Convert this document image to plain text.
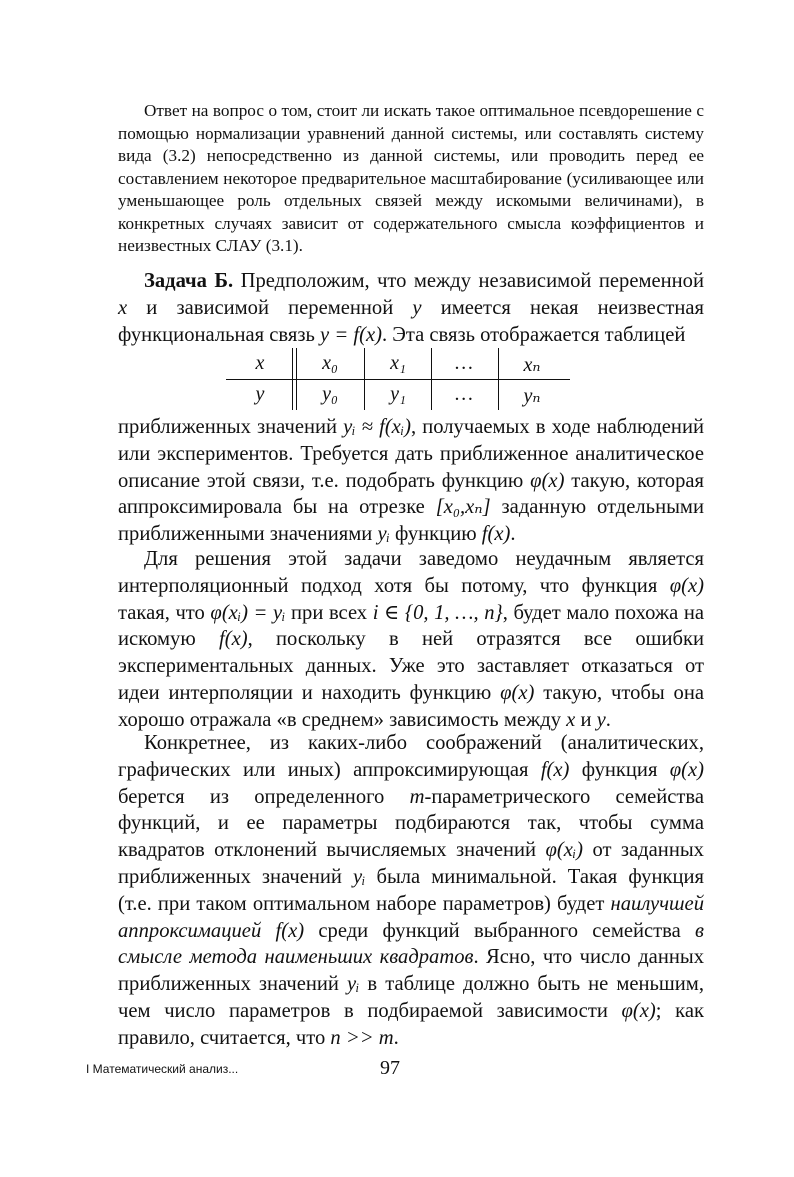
Ответ на вопрос о том, стоит ли искать такое оптимальное псевдорешение с помощью нормализации уравнений данной системы, или составлять систему вида (3.2) непосредственно из данной системы, или проводить перед ее составлением некоторое предварительное масштабирование (усиливающее или уменьшающее роль отдельных связей между искомыми величинами), в конкретных случаях зависит от содержательного смысла коэффициентов и неизвестных СЛАУ (3.1).

Задача Б. Предположим, что между независимой переменной x и зависимой переменной y имеется некая неизвестная функциональная связь y = f(x). Эта связь отображается таблицей

x	x₀	x₁	…	xₙ
y	y₀	y₁	…	yₙ

приближенных значений yᵢ ≈ f(xᵢ), получаемых в ходе наблюдений или экспериментов. Требуется дать приближенное аналитическое описание этой связи, т.е. подобрать функцию φ(x) такую, которая аппроксимировала бы на отрезке [x₀,xₙ] заданную отдельными приближенными значениями yᵢ функцию f(x).

Для решения этой задачи заведомо неудачным является интерполяционный подход хотя бы потому, что функция φ(x) такая, что φ(xᵢ) = yᵢ при всех i ∈ {0, 1, …, n}, будет мало похожа на искомую f(x), поскольку в ней отразятся все ошибки экспериментальных данных. Уже это заставляет отказаться от идеи интерполяции и находить функцию φ(x) такую, чтобы она хорошо отражала «в среднем» зависимость между x и y.

Конкретнее, из каких-либо соображений (аналитических, графических или иных) аппроксимирующая f(x) функция φ(x) берется из определенного m-параметрического семейства функций, и ее параметры подбираются так, чтобы сумма квадратов отклонений вычисляемых значений φ(xᵢ) от заданных приближенных значений yᵢ была минимальной. Такая функция (т.е. при таком оптимальном наборе параметров) будет наилучшей аппроксимацией f(x) среди функций выбранного семейства в смысле метода наименьших квадратов. Ясно, что число данных приближенных значений yᵢ в таблице должно быть не меньшим, чем число параметров в подбираемой зависимости φ(x); как правило, считается, что n >> m.

I Математический анализ...	97
